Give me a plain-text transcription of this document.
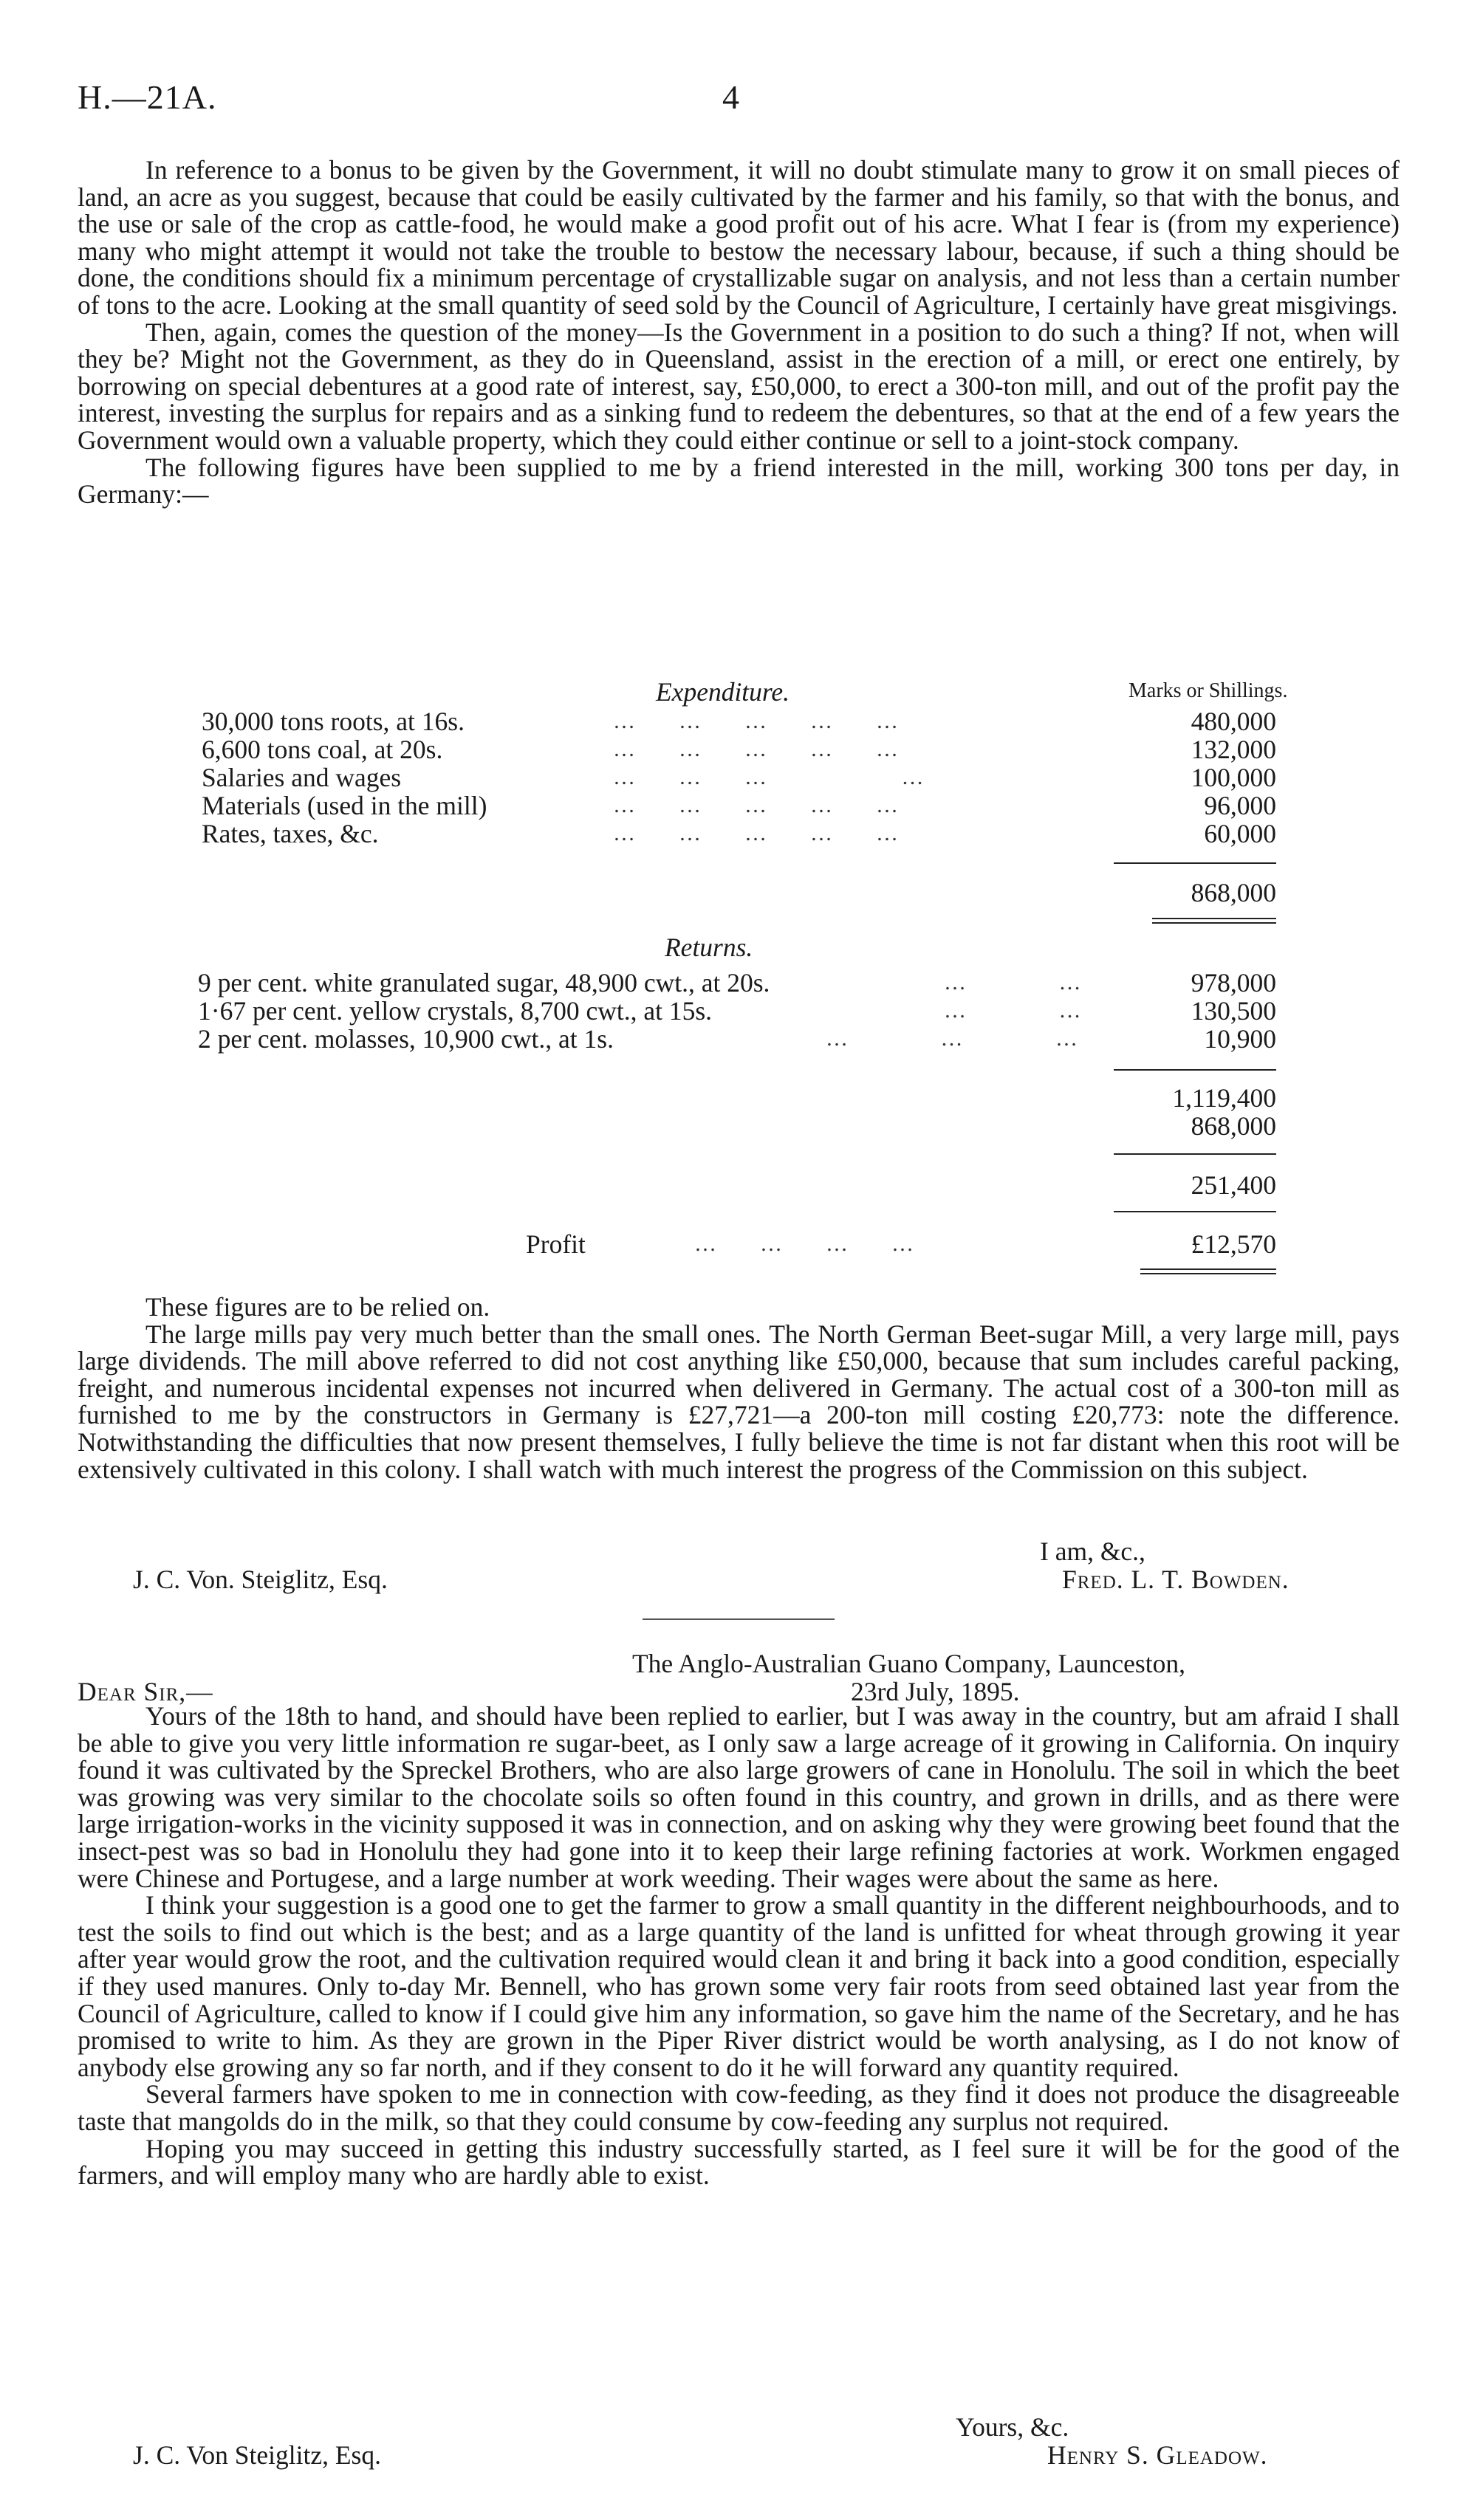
H.—21A.	4

In reference to a bonus to be given by the Government, it will no doubt stimulate many to grow it on small pieces of land, an acre as you suggest, because that could be easily cultivated by the farmer and his family, so that with the bonus, and the use or sale of the crop as cattle-food, he would make a good profit out of his acre. What I fear is (from my experience) many who might attempt it would not take the trouble to bestow the necessary labour, because, if such a thing should be done, the conditions should fix a minimum percentage of crystallizable sugar on analysis, and not less than a certain number of tons to the acre. Looking at the small quantity of seed sold by the Council of Agriculture, I certainly have great misgivings.

Then, again, comes the question of the money—Is the Government in a position to do such a thing? If not, when will they be? Might not the Government, as they do in Queensland, assist in the erection of a mill, or erect one entirely, by borrowing on special debentures at a good rate of interest, say, £50,000, to erect a 300-ton mill, and out of the profit pay the interest, investing the surplus for repairs and as a sinking fund to redeem the debentures, so that at the end of a few years the Government would own a valuable property, which they could either continue or sell to a joint-stock company.

The following figures have been supplied to me by a friend interested in the mill, working 300 tons per day, in Germany:—

Expenditure.	Marks or Shillings.
30,000 tons roots, at 16s.	…      …      …      …      …	480,000
6,600 tons coal, at 20s.	…      …      …      …      …	132,000
Salaries and wages	…      …      …                   …	100,000
Materials (used in the mill)	…      …      …      …      …	96,000
Rates, taxes, &c.	…      …      …      …      …	60,000
868,000
Returns.
9 per cent. white granulated sugar, 48,900 cwt., at 20s.	…             …	978,000
1·67 per cent. yellow crystals, 8,700 cwt., at 15s.	…             …	130,500
2 per cent. molasses, 10,900 cwt., at 1s.	…             …             …	10,900
1,119,400
868,000
251,400
Profit	…      …      …      …	£12,570

These figures are to be relied on.

The large mills pay very much better than the small ones. The North German Beet-sugar Mill, a very large mill, pays large dividends. The mill above referred to did not cost anything like £50,000, because that sum includes careful packing, freight, and numerous incidental expenses not incurred when delivered in Germany. The actual cost of a 300-ton mill as furnished to me by the constructors in Germany is £27,721—a 200-ton mill costing £20,773: note the difference. Notwithstanding the difficulties that now present themselves, I fully believe the time is not far distant when this root will be extensively cultivated in this colony. I shall watch with much interest the progress of the Commission on this subject.

I am, &c.,
J. C. Von. Steiglitz, Esq.	Fred. L. T. Bowden.
The Anglo-Australian Guano Company, Launceston,
Dear Sir,—	23rd July, 1895.

Yours of the 18th to hand, and should have been replied to earlier, but I was away in the country, but am afraid I shall be able to give you very little information re sugar-beet, as I only saw a large acreage of it growing in California. On inquiry found it was cultivated by the Spreckel Brothers, who are also large growers of cane in Honolulu. The soil in which the beet was growing was very similar to the chocolate soils so often found in this country, and grown in drills, and as there were large irrigation-works in the vicinity supposed it was in connection, and on asking why they were growing beet found that the insect-pest was so bad in Honolulu they had gone into it to keep their large refining factories at work. Workmen engaged were Chinese and Portugese, and a large number at work weeding. Their wages were about the same as here.

I think your suggestion is a good one to get the farmer to grow a small quantity in the different neighbourhoods, and to test the soils to find out which is the best; and as a large quantity of the land is unfitted for wheat through growing it year after year would grow the root, and the cultivation required would clean it and bring it back into a good condition, especially if they used manures. Only to-day Mr. Bennell, who has grown some very fair roots from seed obtained last year from the Council of Agriculture, called to know if I could give him any information, so gave him the name of the Secretary, and he has promised to write to him. As they are grown in the Piper River district would be worth analysing, as I do not know of anybody else growing any so far north, and if they consent to do it he will forward any quantity required.

Several farmers have spoken to me in connection with cow-feeding, as they find it does not produce the disagreeable taste that mangolds do in the milk, so that they could consume by cow-feeding any surplus not required.

Hoping you may succeed in getting this industry successfully started, as I feel sure it will be for the good of the farmers, and will employ many who are hardly able to exist.

Yours, &c.
J. C. Von Steiglitz, Esq.	Henry S. Gleadow.
